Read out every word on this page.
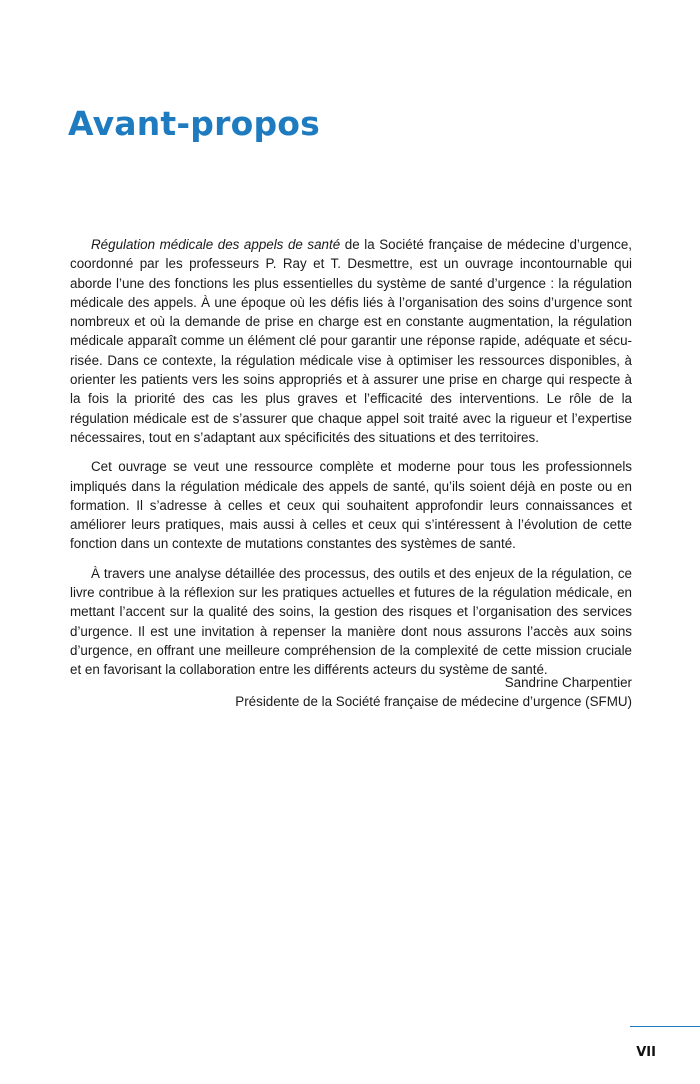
Avant-propos

Régulation médicale des appels de santé de la Société française de médecine d’urgence, coordonné par les professeurs P. Ray et T. Desmettre, est un ouvrage incontournable qui aborde l’une des fonctions les plus essentielles du système de santé d’urgence : la régulation médicale des appels. À une époque où les défis liés à l’organisation des soins d’urgence sont nombreux et où la demande de prise en charge est en constante augmentation, la régulation médicale apparaît comme un élément clé pour garantir une réponse rapide, adéquate et sécurisée. Dans ce contexte, la régulation médicale vise à optimiser les ressources disponibles, à orienter les patients vers les soins appropriés et à assurer une prise en charge qui respecte à la fois la priorité des cas les plus graves et l’efficacité des interventions. Le rôle de la régulation médicale est de s’assurer que chaque appel soit traité avec la rigueur et l’expertise nécessaires, tout en s’adaptant aux spécificités des situations et des territoires.

Cet ouvrage se veut une ressource complète et moderne pour tous les professionnels impliqués dans la régulation médicale des appels de santé, qu’ils soient déjà en poste ou en formation. Il s’adresse à celles et ceux qui souhaitent approfondir leurs connaissances et améliorer leurs pratiques, mais aussi à celles et ceux qui s’intéressent à l’évolution de cette fonction dans un contexte de mutations constantes des systèmes de santé.

À travers une analyse détaillée des processus, des outils et des enjeux de la régulation, ce livre contribue à la réflexion sur les pratiques actuelles et futures de la régulation médicale, en mettant l’accent sur la qualité des soins, la gestion des risques et l’organisation des services d’urgence. Il est une invitation à repenser la manière dont nous assurons l’accès aux soins d’urgence, en offrant une meilleure compréhension de la complexité de cette mission cruciale et en favorisant la collaboration entre les différents acteurs du système de santé.

Sandrine Charpentier
Présidente de la Société française de médecine d’urgence (SFMU)
VII
